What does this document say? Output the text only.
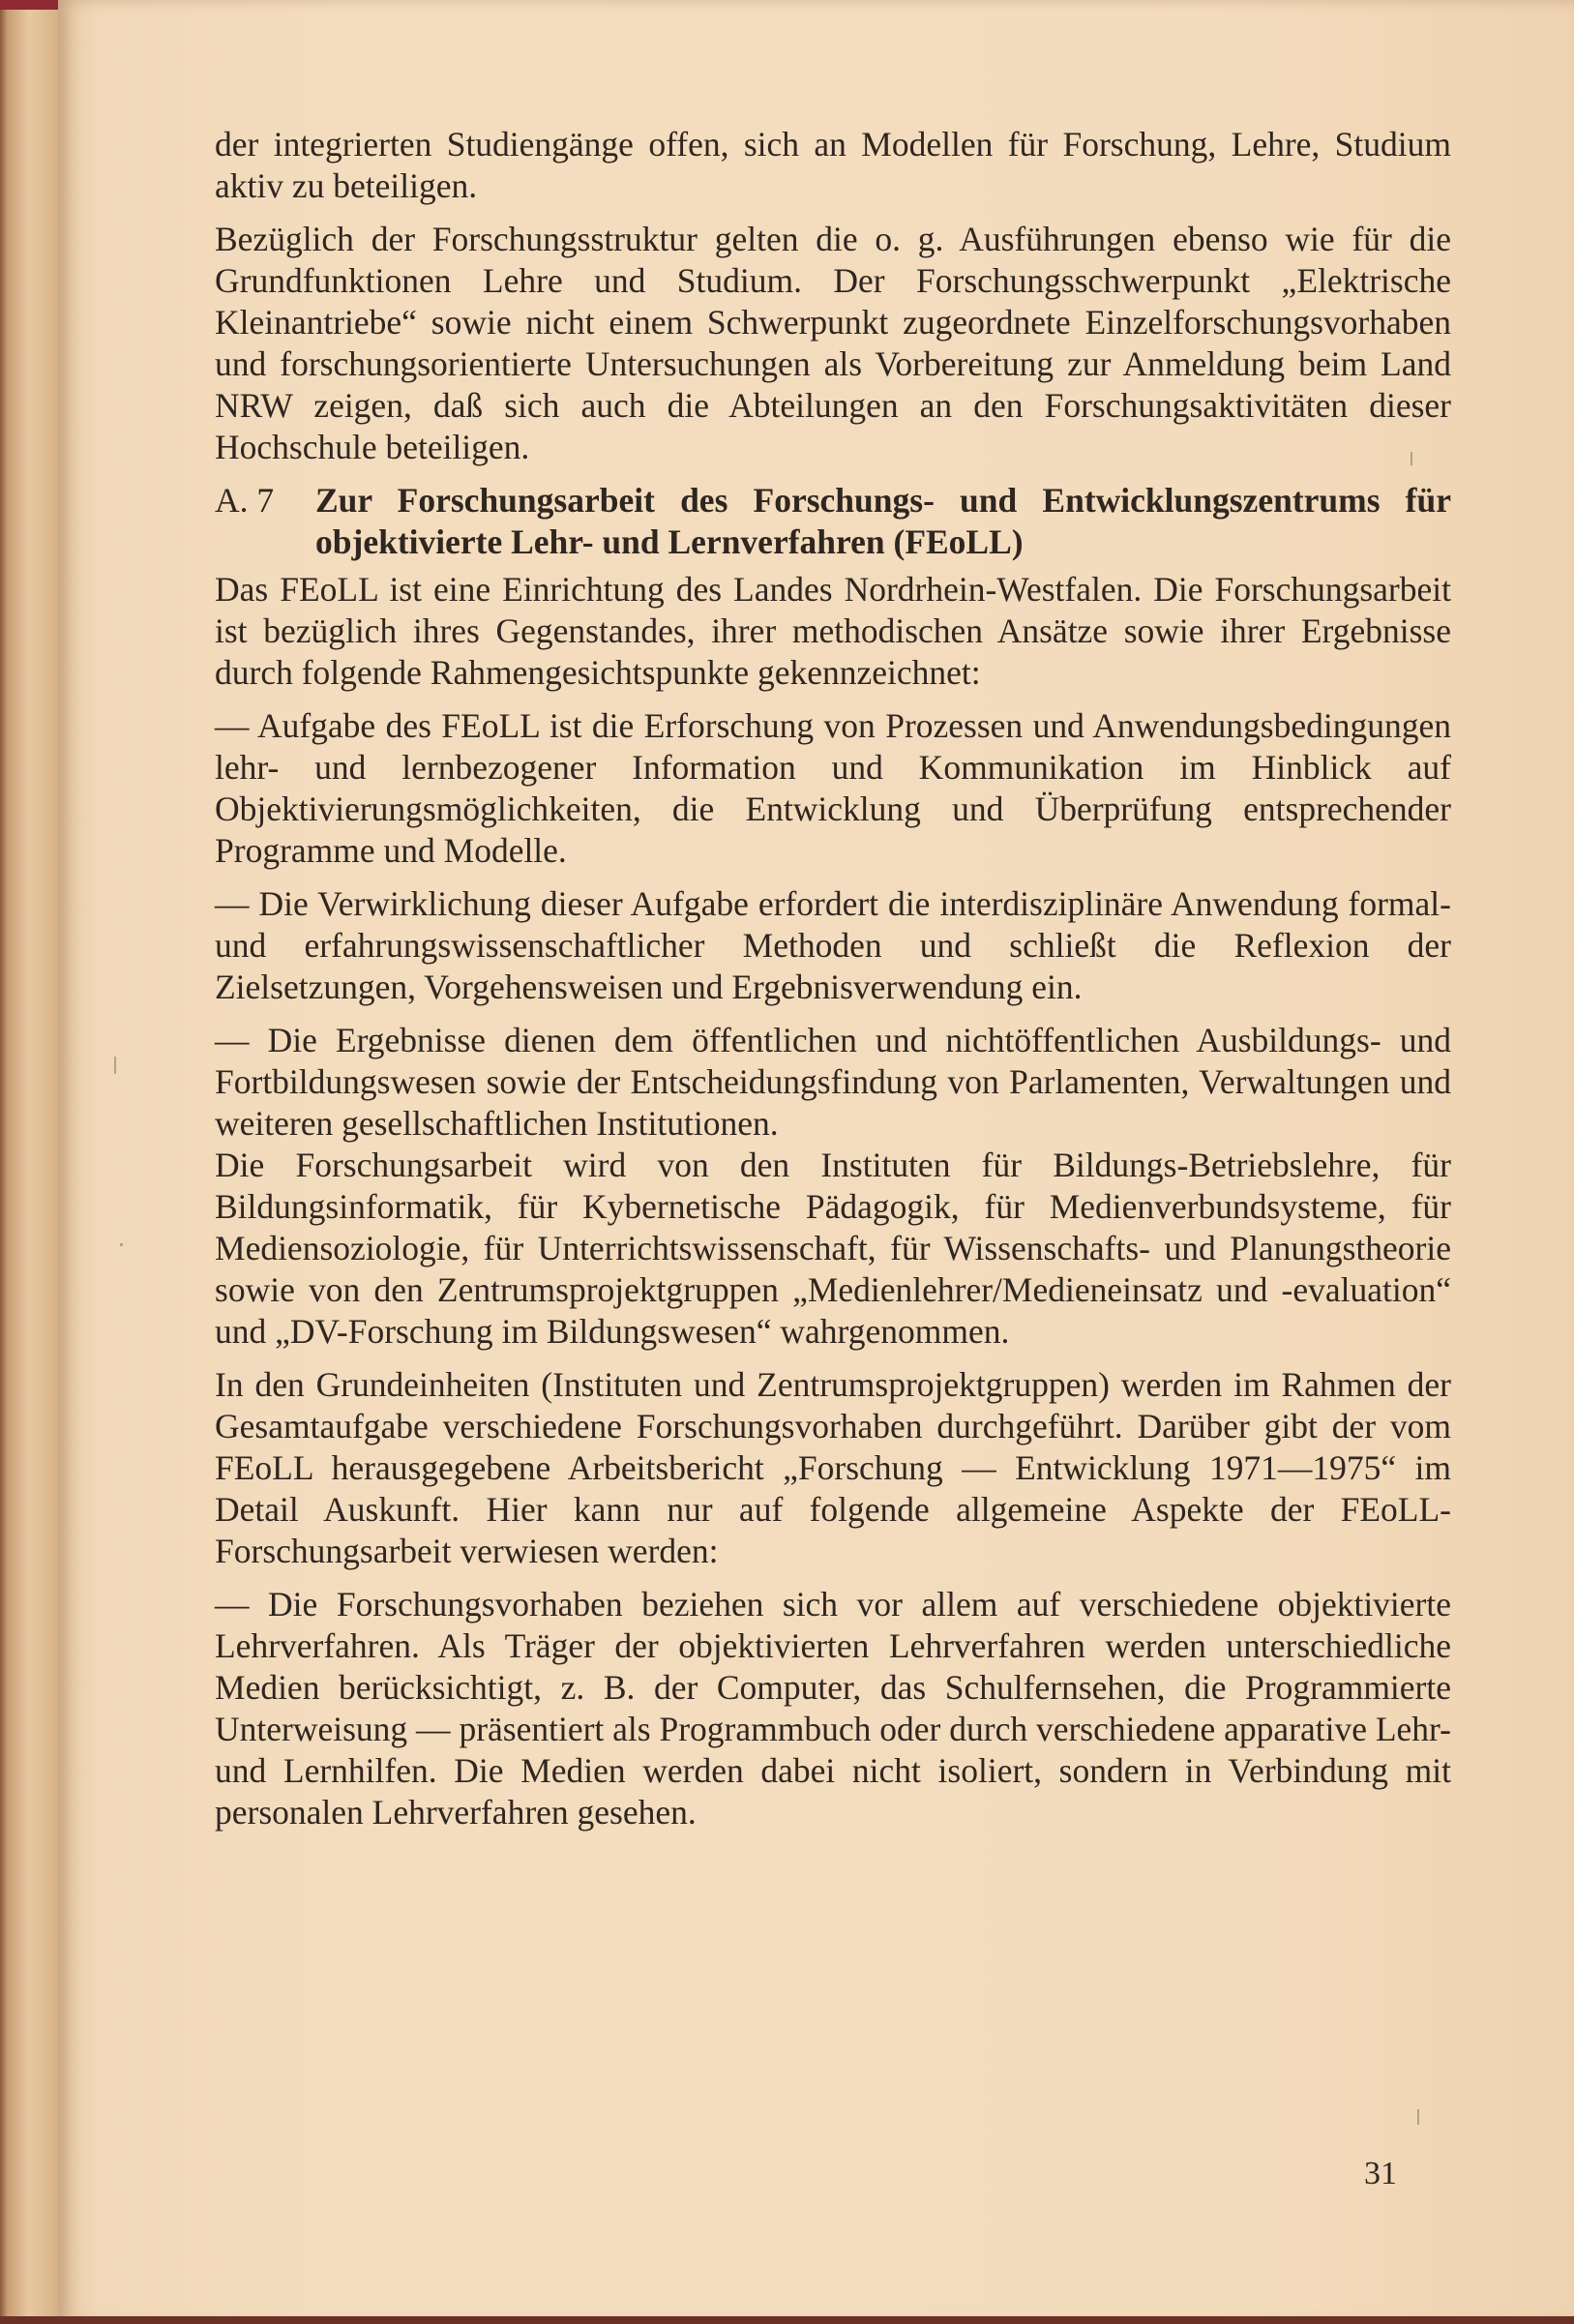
der integrierten Studiengänge offen, sich an Modellen für Forschung, Lehre, Studium aktiv zu beteiligen.

Bezüglich der Forschungsstruktur gelten die o. g. Ausführungen ebenso wie für die Grundfunktionen Lehre und Studium. Der Forschungsschwerpunkt „Elektrische Kleinantriebe“ sowie nicht einem Schwerpunkt zugeordnete Einzelforschungsvorhaben und forschungsorientierte Untersuchungen als Vorbereitung zur Anmeldung beim Land NRW zeigen, daß sich auch die Abteilungen an den Forschungsaktivitäten dieser Hochschule beteiligen.

A. 7	Zur Forschungsarbeit des Forschungs- und Entwicklungszentrums für objektivierte Lehr- und Lernverfahren (FEoLL)

Das FEoLL ist eine Einrichtung des Landes Nordrhein-Westfalen. Die Forschungsarbeit ist bezüglich ihres Gegenstandes, ihrer methodischen Ansätze sowie ihrer Ergebnisse durch folgende Rahmengesichtspunkte gekennzeichnet:

— Aufgabe des FEoLL ist die Erforschung von Prozessen und Anwendungsbedingungen lehr- und lernbezogener Information und Kommunikation im Hinblick auf Objektivierungsmöglichkeiten, die Entwicklung und Überprüfung entsprechender Programme und Modelle.

— Die Verwirklichung dieser Aufgabe erfordert die interdisziplinäre Anwendung formal- und erfahrungswissenschaftlicher Methoden und schließt die Reflexion der Zielsetzungen, Vorgehensweisen und Ergebnisverwendung ein.

— Die Ergebnisse dienen dem öffentlichen und nichtöffentlichen Ausbildungs- und Fortbildungswesen sowie der Entscheidungsfindung von Parlamenten, Verwaltungen und weiteren gesellschaftlichen Institutionen.

Die Forschungsarbeit wird von den Instituten für Bildungs-Betriebslehre, für Bildungsinformatik, für Kybernetische Pädagogik, für Medienverbundsysteme, für Mediensoziologie, für Unterrichtswissenschaft, für Wissenschafts- und Planungstheorie sowie von den Zentrumsprojektgruppen „Medienlehrer/Medieneinsatz und -evaluation“ und „DV-Forschung im Bildungswesen“ wahrgenommen.

In den Grundeinheiten (Instituten und Zentrumsprojektgruppen) werden im Rahmen der Gesamtaufgabe verschiedene Forschungsvorhaben durchgeführt. Darüber gibt der vom FEoLL herausgegebene Arbeitsbericht „Forschung — Entwicklung 1971—1975“ im Detail Auskunft. Hier kann nur auf folgende allgemeine Aspekte der FEoLL-Forschungsarbeit verwiesen werden:

— Die Forschungsvorhaben beziehen sich vor allem auf verschiedene objektivierte Lehrverfahren. Als Träger der objektivierten Lehrverfahren werden unterschiedliche Medien berücksichtigt, z. B. der Computer, das Schulfernsehen, die Programmierte Unterweisung — präsentiert als Programmbuch oder durch verschiedene apparative Lehr- und Lernhilfen. Die Medien werden dabei nicht isoliert, sondern in Verbindung mit personalen Lehrverfahren gesehen.

31
